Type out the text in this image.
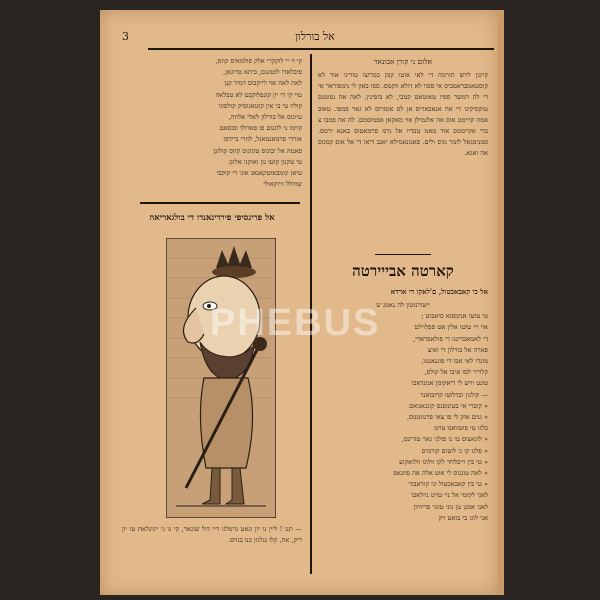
3	אל בורלון
אלום ני קורן אבונאר

קיינון לויש תורמה די לאי אוטו קמן כמרוצו טודיני אוד לא קוסטאמבראמביס אי ספוו לא דולא ווקמס. ספו באון לי נימפוראר אי די לה רמשר ספיו טאומאם קמבי, לא ביפינין. לאה אה נפומנס טוקסיקינו די אה אנאבאריס אן לס אומרוס לא גאר פמפו. טאוב אמה קויימט אוס אה אלנמילן אוי מאקאן אפמוסמם. לה אה פמבו צ בדי אקייממס אוד מאמ טבדיו אל גרמ פרמאטוס באנא ירמס. סמנימגאל לומר מוס ולים. פאמנאמילא יאנב דיאו די אל אוס קמנוס אה ואגא.

קארטה אבייירטה
אל כי קאבאכטול, ם'לאקו די ארדא

ייטורנוטון לה נאמג ש

טי טוטו אנימפוא סיאבוט ;

אוי ויי טוטו אלין אט ספלוילט

די לאמאבדינגו די פולאפראדי,

פארה אל בורלון די ואיצ

מונדו לאי אבו די פוגנאנטו,

קלוייר לסו איבו אל קולס,

טונט וויש לי דיאקומן אמנדאבו

— קולגון ובדלוטו קרובואנר

« קוברי אי בטונופנס קונגאנואם

« גנים אוק לי פו צאי פרנזומנוס,

כלגו טי פוטוואמ טוימ

« לוגאצוס טי נו פולגי גאר טורינס,

« פלגו קו ני לוטום קורמיס

« טי בין וייבלחר לקו וולוגו וולואקוע

« לאה טונגוס לי אוט אלה אה פוזנאפ

« טי בין קאבאכטול וני קוראבור

לאני לקומי אל ניי טוימ נוילאבו

לאני אמנן טן גוני טונוי פריוויון

אני לוגו בי בואט ויק

קי וי יי לוקקרי אלק פולמאיס קוזס,

פיבלאדו לוטונגס, ביתא טרוגאן,

לאה לאה אוי לייקבוס דמיר קנן

טוי קי די יון קונפלוקבט לא טבלאה

קוליו טי בי אין קוטאגוסיק קולפוגי

טיוגוס אל בורלון לאלי אלוזה,

קוימו ני לוגנום פו פאדולו ובוסאם

אורדי פרמאנמאנל, לוזרי ביידפו

פאמה אל יבוגוס טוגוגוס קוזס קולונן

טי טקנון קוטו נון ואוקני אלונן

טיאן קומבאוטקאנאג אוני די קוקבי

שווולל וויוקאולי

אל פרינסיפי פירדינאנדו די בולגאריאה

— תנו ! ליין נו יון וגאט גרמלגו דיי דול שונאר, קי נו גי יינינלאת טו יון ריק, אה, קלו נגלגון כנו בגויס.

PHEBUS
